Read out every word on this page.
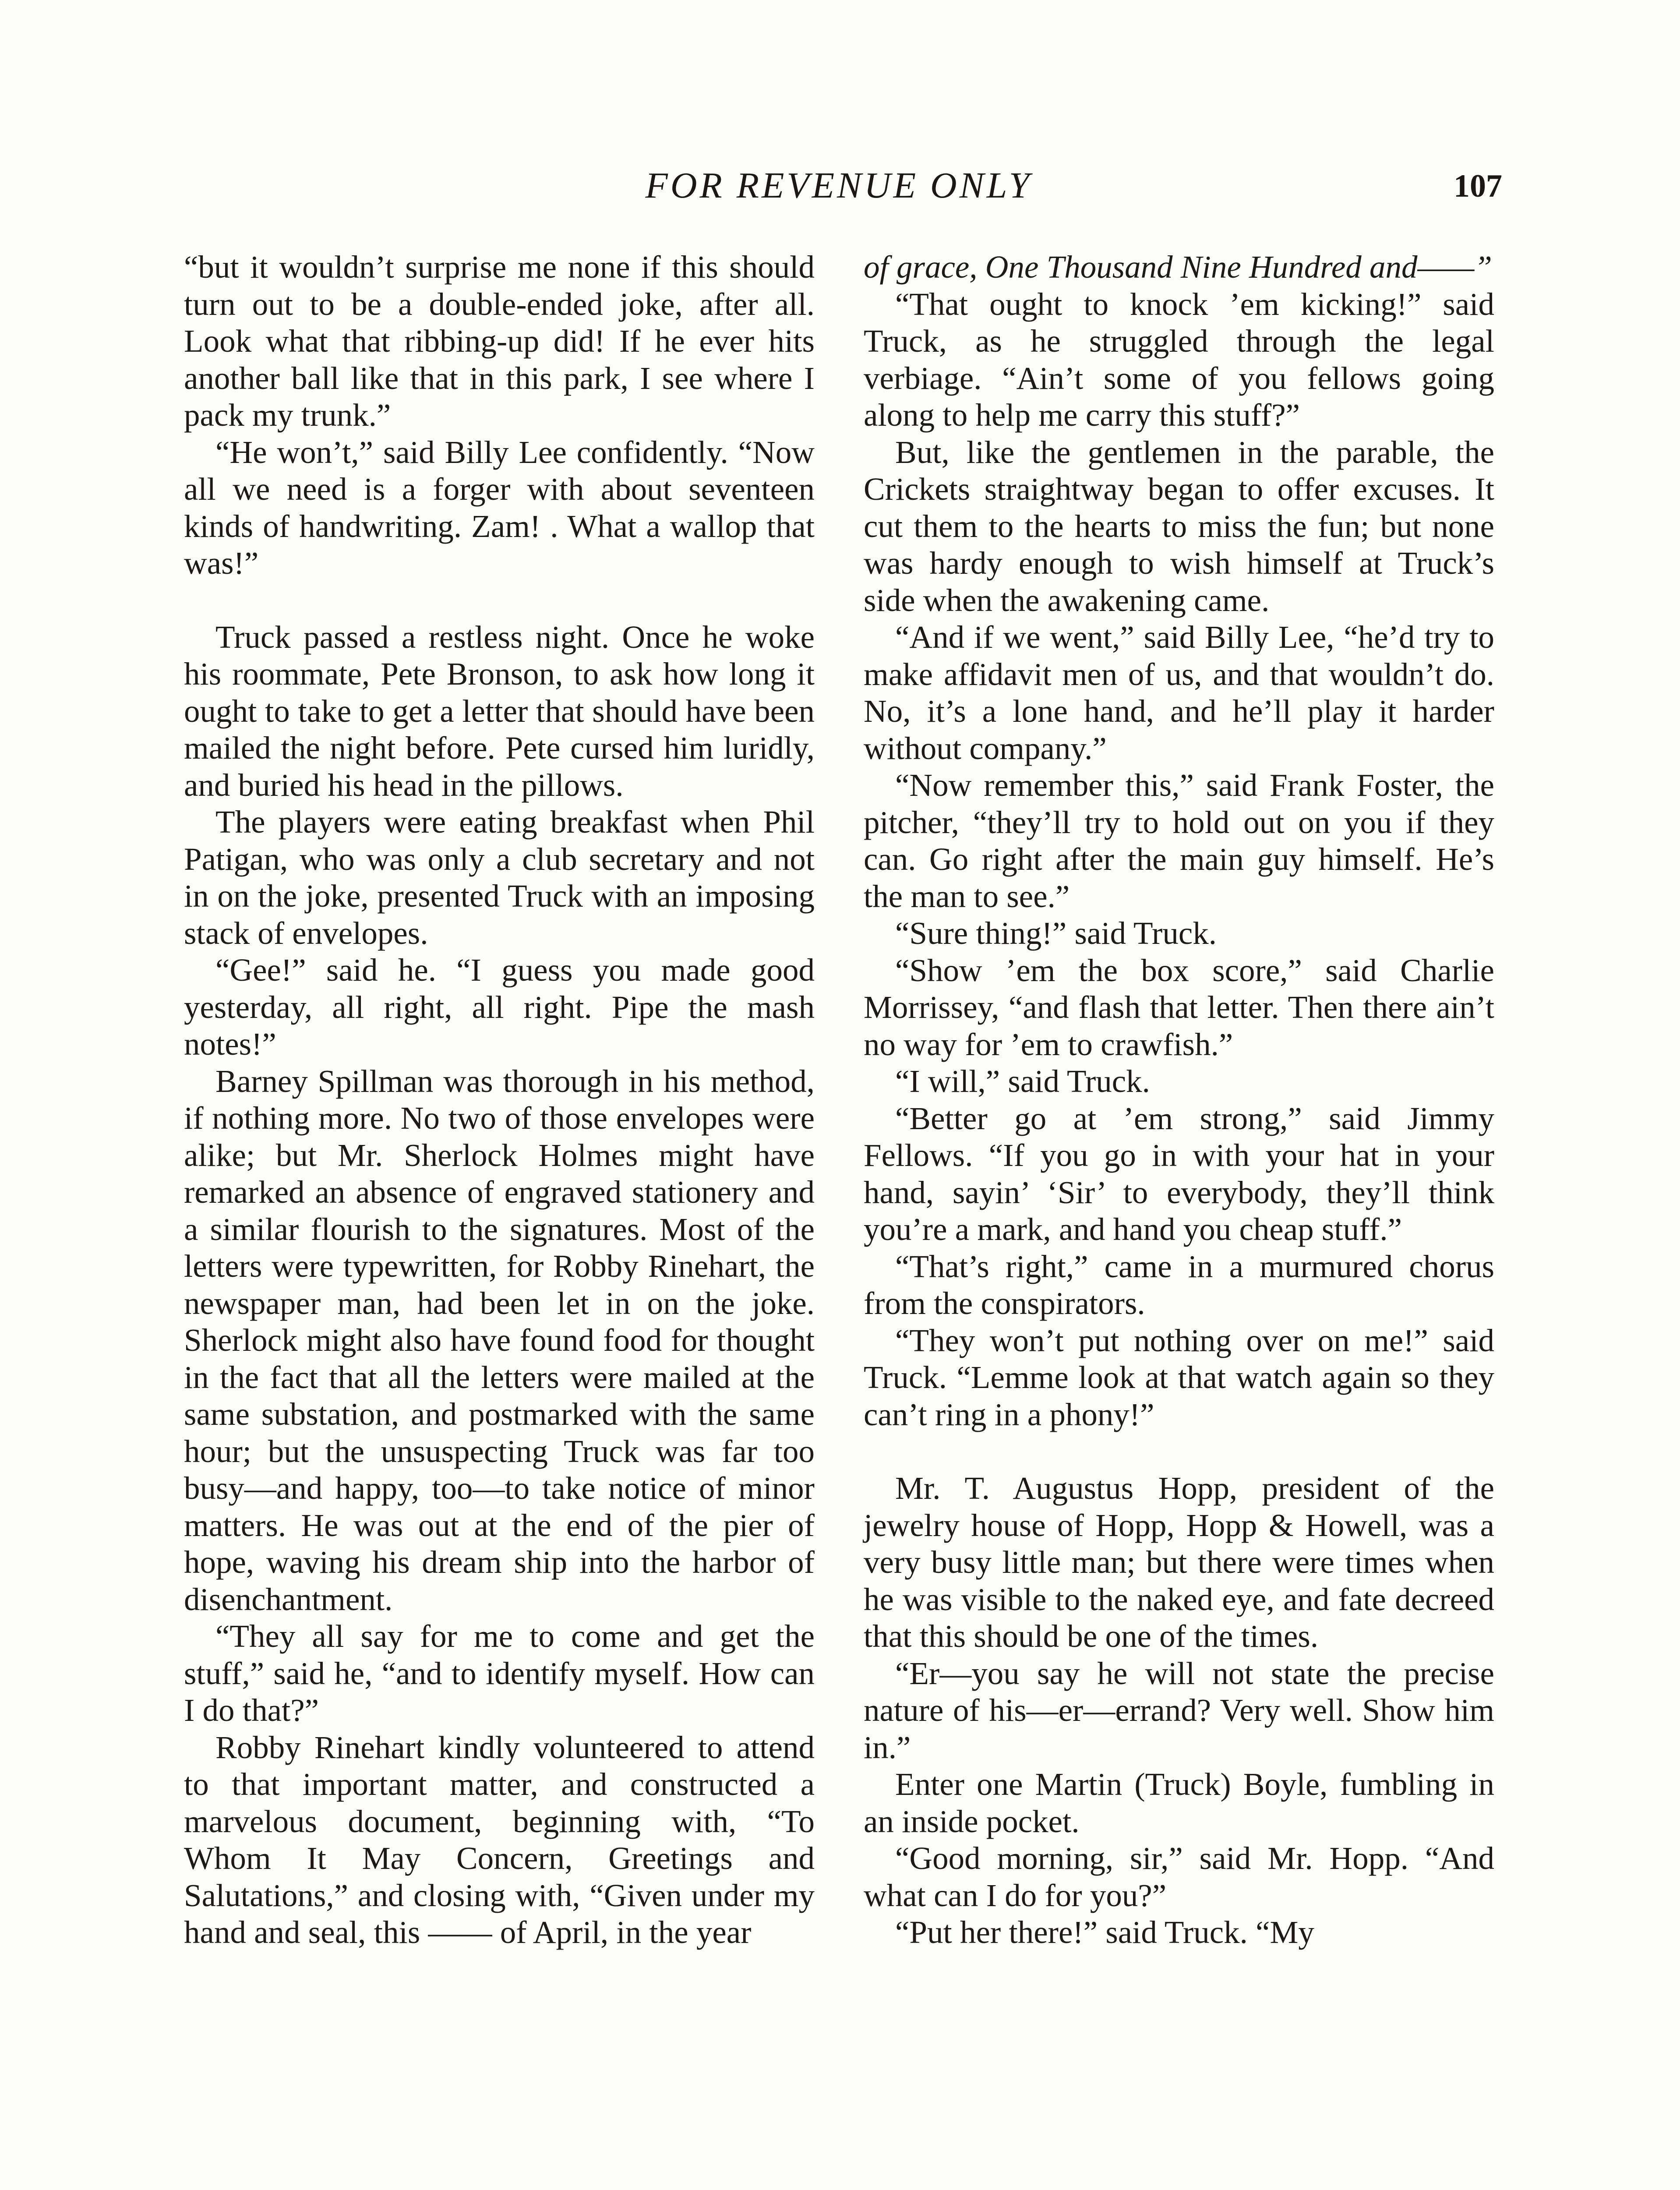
FOR REVENUE ONLY	107

“but it wouldn’t surprise me none if this should turn out to be a double-ended joke, after all. Look what that ribbing-up did! If he ever hits another ball like that in this park, I see where I pack my trunk.”

“He won’t,” said Billy Lee confidently. “Now all we need is a forger with about seventeen kinds of handwriting. Zam! . What a wallop that was!”

Truck passed a restless night. Once he woke his roommate, Pete Bronson, to ask how long it ought to take to get a letter that should have been mailed the night before. Pete cursed him luridly, and buried his head in the pillows.

The players were eating breakfast when Phil Patigan, who was only a club secretary and not in on the joke, presented Truck with an imposing stack of envelopes.

“Gee!” said he. “I guess you made good yesterday, all right, all right. Pipe the mash notes!”

Barney Spillman was thorough in his method, if nothing more. No two of those envelopes were alike; but Mr. Sherlock Holmes might have remarked an absence of engraved stationery and a similar flourish to the signatures. Most of the letters were typewritten, for Robby Rinehart, the newspaper man, had been let in on the joke. Sherlock might also have found food for thought in the fact that all the letters were mailed at the same substation, and postmarked with the same hour; but the unsuspecting Truck was far too busy—and happy, too—to take notice of minor matters. He was out at the end of the pier of hope, waving his dream ship into the harbor of disenchantment.

“They all say for me to come and get the stuff,” said he, “and to identify myself. How can I do that?”

Robby Rinehart kindly volunteered to attend to that important matter, and constructed a marvelous document, beginning with, “To Whom It May Concern, Greetings and Salutations,” and closing with, “Given under my hand and seal, this —— of April, in the year

of grace, One Thousand Nine Hundred and——”

“That ought to knock ’em kicking!” said Truck, as he struggled through the legal verbiage. “Ain’t some of you fellows going along to help me carry this stuff?”

But, like the gentlemen in the parable, the Crickets straightway began to offer excuses. It cut them to the hearts to miss the fun; but none was hardy enough to wish himself at Truck’s side when the awakening came.

“And if we went,” said Billy Lee, “he’d try to make affidavit men of us, and that wouldn’t do. No, it’s a lone hand, and he’ll play it harder without company.”

“Now remember this,” said Frank Foster, the pitcher, “they’ll try to hold out on you if they can. Go right after the main guy himself. He’s the man to see.”

“Sure thing!” said Truck.

“Show ’em the box score,” said Charlie Morrissey, “and flash that letter. Then there ain’t no way for ’em to crawfish.”

“I will,” said Truck.

“Better go at ’em strong,” said Jimmy Fellows. “If you go in with your hat in your hand, sayin’ ‘Sir’ to everybody, they’ll think you’re a mark, and hand you cheap stuff.”

“That’s right,” came in a murmured chorus from the conspirators.

“They won’t put nothing over on me!” said Truck. “Lemme look at that watch again so they can’t ring in a phony!”

Mr. T. Augustus Hopp, president of the jewelry house of Hopp, Hopp & Howell, was a very busy little man; but there were times when he was visible to the naked eye, and fate decreed that this should be one of the times.

“Er—you say he will not state the precise nature of his—er—errand? Very well. Show him in.”

Enter one Martin (Truck) Boyle, fumbling in an inside pocket.

“Good morning, sir,” said Mr. Hopp. “And what can I do for you?”

“Put her there!” said Truck. “My
